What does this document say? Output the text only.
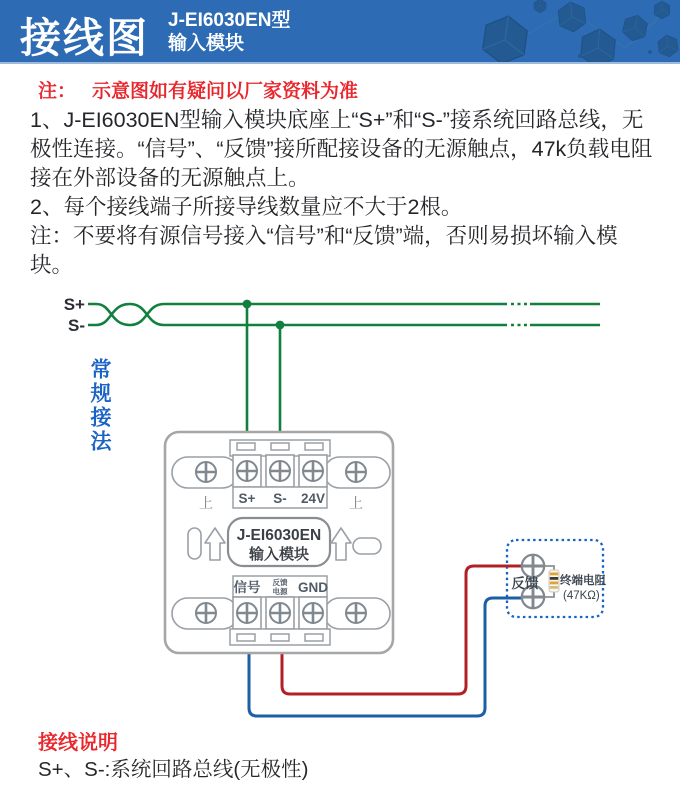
接线图 J-EI6030EN型
输入模块
注： 示意图如有疑问以厂家资料为准

1、J-EI6030EN型输入模块底座上“S+”和“S-”接系统回路总线，无极性连接。“信号”、“反馈”接所配接设备的无源触点，47k负载电阻接在外部设备的无源触点上。

2、每个接线端子所接导线数量应不大于2根。

注：不要将有源信号接入“信号”和“反馈”端，否则易损坏输入模块。

S+
S-
S+ S- 24V
上	上
J-EI6030EN
输入模块
信号 反馈
电源 GND	反馈 终端电阻
(47KΩ)
常规接法
接线说明
S+、S-:系统回路总线(无极性)
